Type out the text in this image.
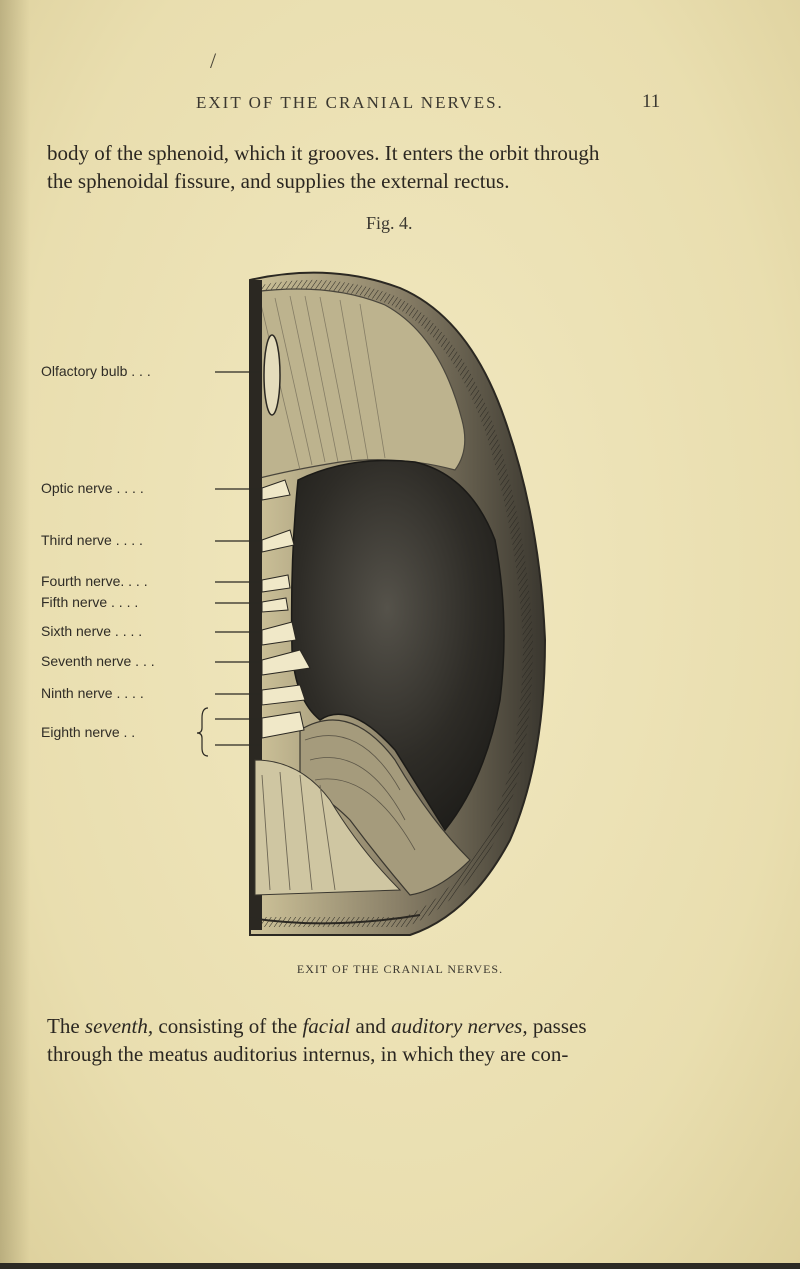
/
EXIT OF THE CRANIAL NERVES.	11
body of the sphenoid, which it grooves. It enters the orbit through
the sphenoidal fissure, and supplies the external rectus.
Fig. 4.
Olfactory bulb . . .
Optic nerve . . . .
Third nerve . . . .
Fourth nerve. . . .
Fifth nerve . . . .
Sixth nerve . . . .
Seventh nerve . . .
Ninth nerve . . . .
Eighth nerve . .
EXIT OF THE CRANIAL NERVES.
The seventh, consisting of the facial and auditory nerves, passes
through the meatus auditorius internus, in which they are con-
